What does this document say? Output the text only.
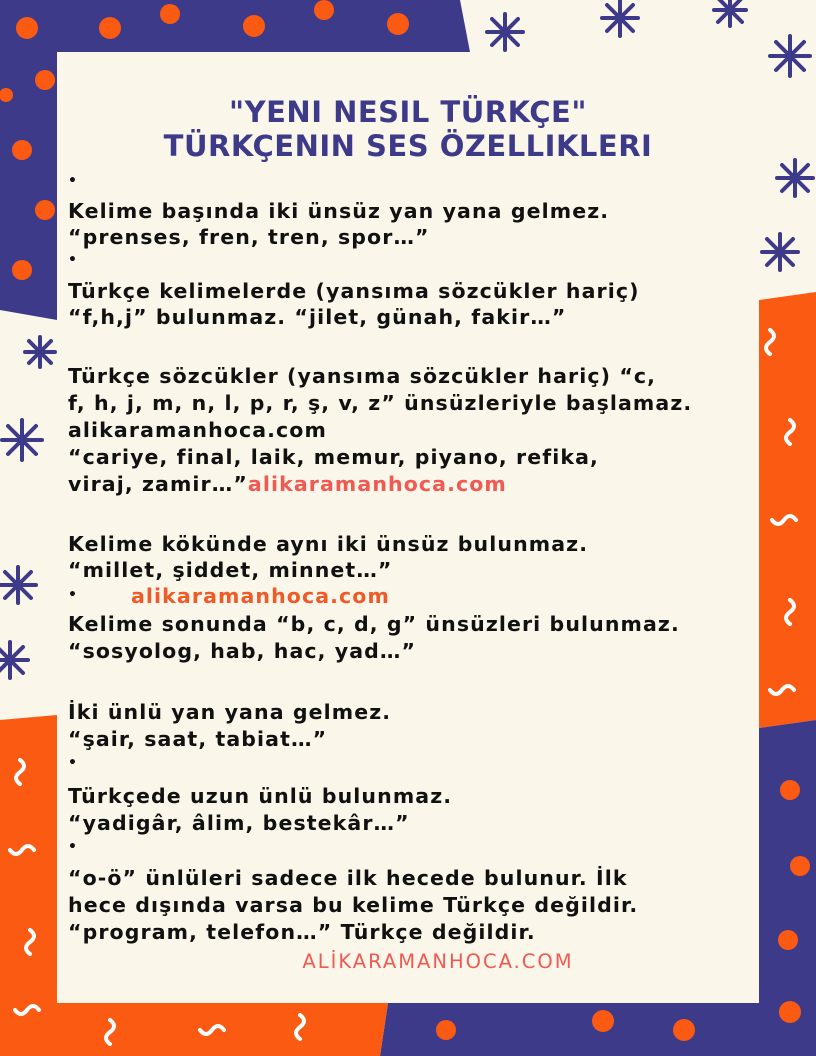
"YENI NESIL TÜRKÇE"
TÜRKÇENIN SES ÖZELLIKLERI
•
Kelime başında iki ünsüz yan yana gelmez.
“prenses, fren, tren, spor…”
•
Türkçe kelimelerde (yansıma sözcükler hariç)
“f,h,j” bulunmaz. “jilet, günah, fakir…”
Türkçe sözcükler (yansıma sözcükler hariç) “c,
f, h, j, m, n, l, p, r, ş, v, z” ünsüzleriyle başlamaz.
alikaramanhoca.com
“cariye, final, laik, memur, piyano, refika,
viraj, zamir…”alikaramanhoca.com
Kelime kökünde aynı iki ünsüz bulunmaz.
“millet, şiddet, minnet…”
•	alikaramanhoca.com
Kelime sonunda “b, c, d, g” ünsüzleri bulunmaz.
“sosyolog, hab, hac, yad…”
İki ünlü yan yana gelmez.
“şair, saat, tabiat…”
•
Türkçede uzun ünlü bulunmaz.
“yadigâr, âlim, bestekâr…”
•
“o-ö” ünlüleri sadece ilk hecede bulunur. İlk
hece dışında varsa bu kelime Türkçe değildir.
“program, telefon…” Türkçe değildir.
ALİKARAMANHOCA.COM
